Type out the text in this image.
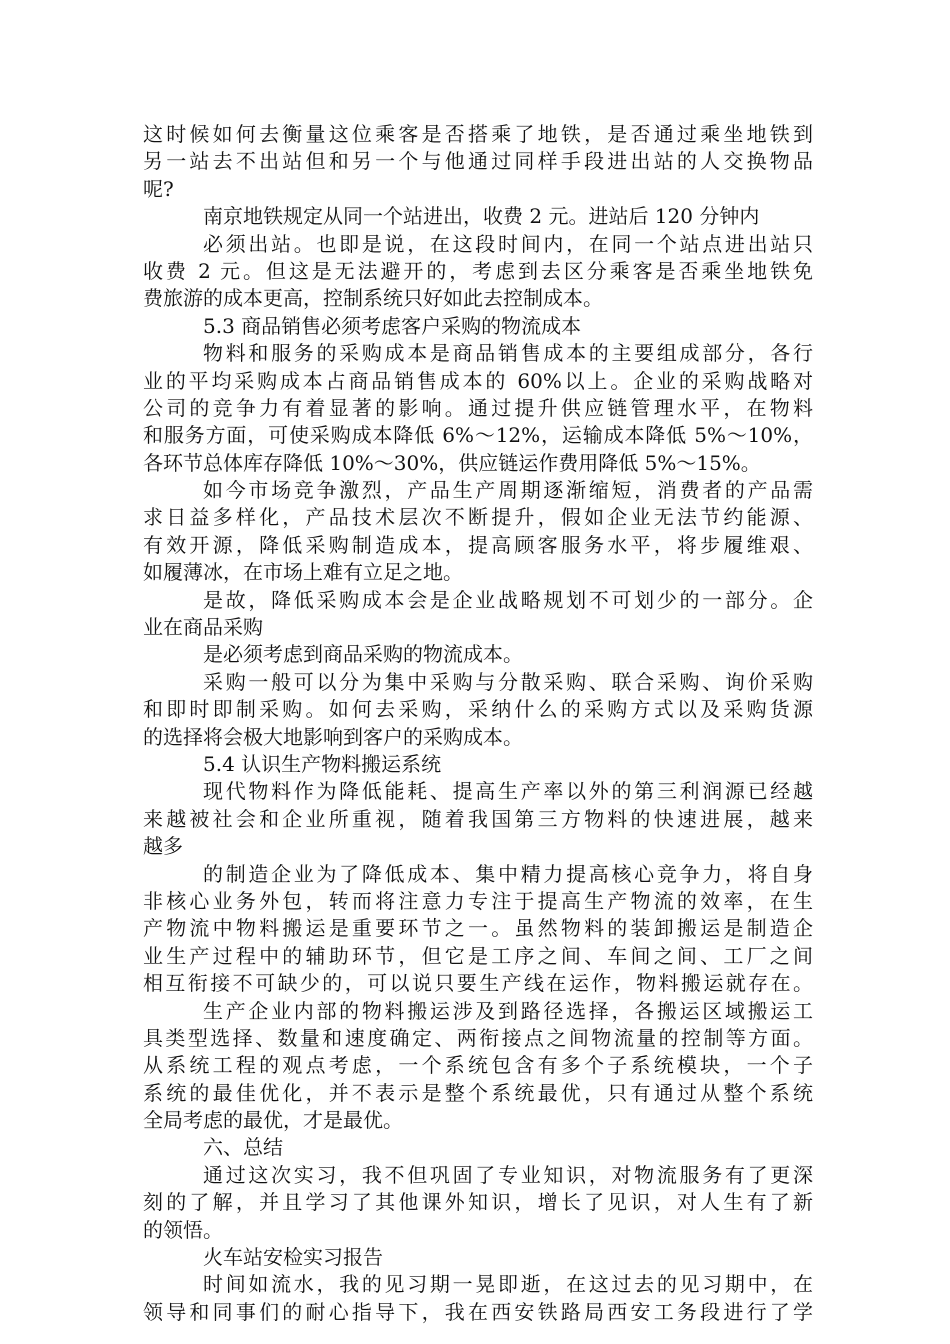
这时候如何去衡量这位乘客是否搭乘了地铁，是否通过乘坐地铁到
另一站去不出站但和另一个与他通过同样手段进出站的人交换物品
呢?
南京地铁规定从同一个站进出，收费 2 元。进站后 120 分钟内
必须出站。也即是说，在这段时间内，在同一个站点进出站只
收费 2 元。但这是无法避开的，考虑到去区分乘客是否乘坐地铁免
费旅游的成本更高，控制系统只好如此去控制成本。
5.3 商品销售必须考虑客户采购的物流成本
物料和服务的采购成本是商品销售成本的主要组成部分，各行
业的平均采购成本占商品销售成本的 60%以上。企业的采购战略对
公司的竞争力有着显著的影响。通过提升供应链管理水平，在物料
和服务方面，可使采购成本降低 6%～12%，运输成本降低 5%～10%，
各环节总体库存降低 10%～30%，供应链运作费用降低 5%～15%。
如今市场竞争激烈，产品生产周期逐渐缩短，消费者的产品需
求日益多样化，产品技术层次不断提升，假如企业无法节约能源、
有效开源，降低采购制造成本，提高顾客服务水平，将步履维艰、
如履薄冰，在市场上难有立足之地。
是故，降低采购成本会是企业战略规划不可划少的一部分。企
业在商品采购
是必须考虑到商品采购的物流成本。
采购一般可以分为集中采购与分散采购、联合采购、询价采购
和即时即制采购。如何去采购，采纳什么的采购方式以及采购货源
的选择将会极大地影响到客户的采购成本。
5.4 认识生产物料搬运系统
现代物料作为降低能耗、提高生产率以外的第三利润源已经越
来越被社会和企业所重视，随着我国第三方物料的快速进展，越来
越多
的制造企业为了降低成本、集中精力提高核心竞争力，将自身
非核心业务外包，转而将注意力专注于提高生产物流的效率，在生
产物流中物料搬运是重要环节之一。虽然物料的装卸搬运是制造企
业生产过程中的辅助环节，但它是工序之间、车间之间、工厂之间
相互衔接不可缺少的，可以说只要生产线在运作，物料搬运就存在。
生产企业内部的物料搬运涉及到路径选择，各搬运区域搬运工
具类型选择、数量和速度确定、两衔接点之间物流量的控制等方面。
从系统工程的观点考虑，一个系统包含有多个子系统模块，一个子
系统的最佳优化，并不表示是整个系统最优，只有通过从整个系统
全局考虑的最优，才是最优。
六、总结
通过这次实习，我不但巩固了专业知识，对物流服务有了更深
刻的了解，并且学习了其他课外知识，增长了见识，对人生有了新
的领悟。
火车站安检实习报告
时间如流水，我的见习期一晃即逝，在这过去的见习期中，在
领导和同事们的耐心指导下，我在西安铁路局西安工务段进行了学
